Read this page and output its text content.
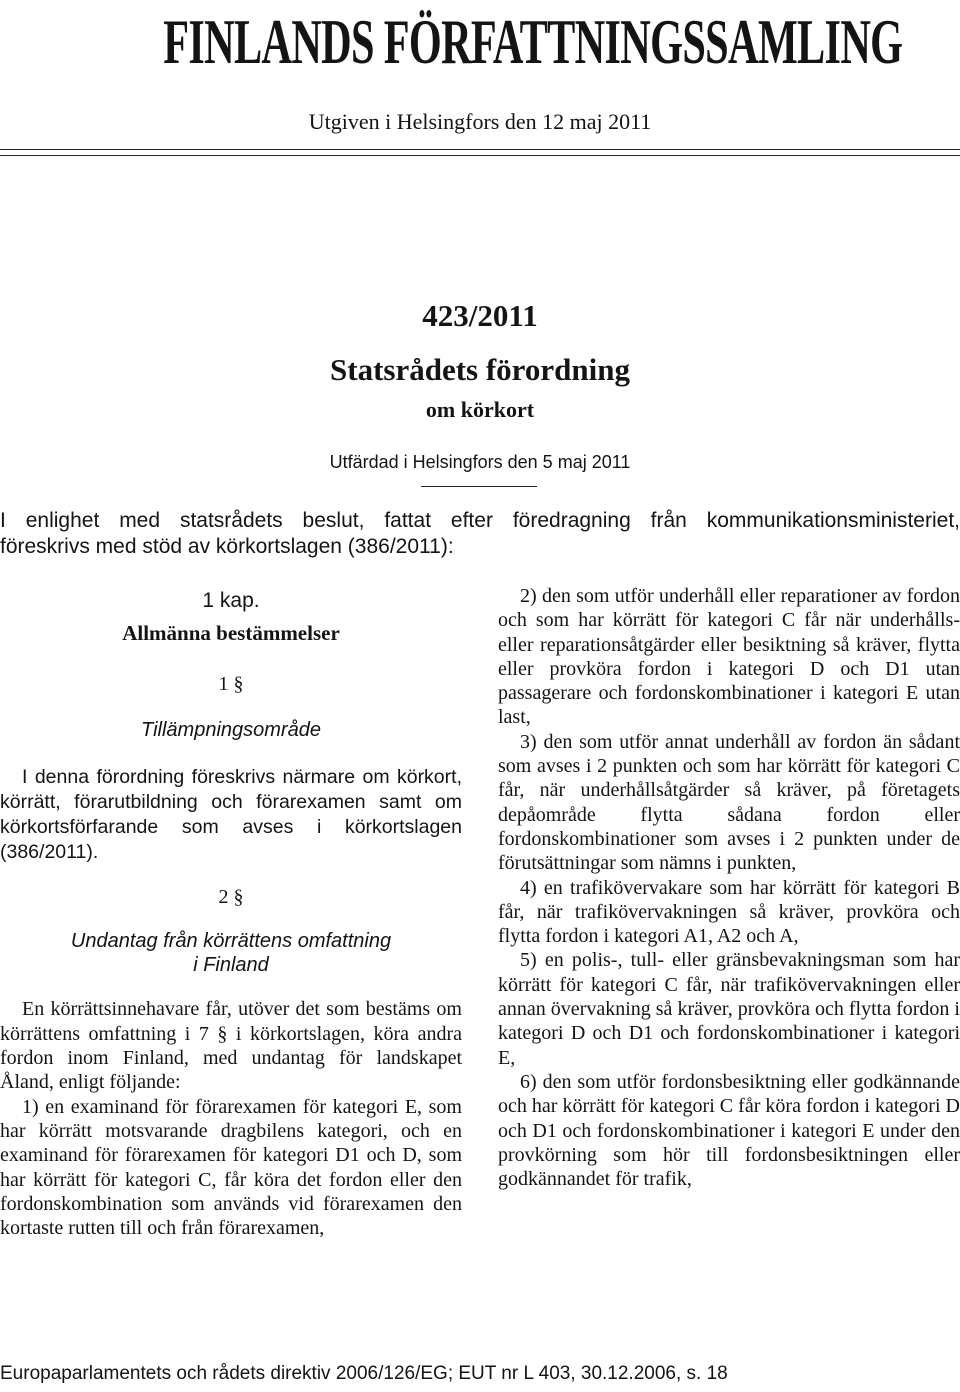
FINLANDS FÖRFATTNINGSSAMLING
Utgiven i Helsingfors den 12 maj 2011
423/2011
Statsrådets förordning
om körkort
Utfärdad i Helsingfors den 5 maj 2011
I enlighet med statsrådets beslut, fattat efter föredragning från kommunikationsministeriet,
föreskrivs med stöd av körkortslagen (386/2011):
1 kap.
Allmänna bestämmelser
1 §
Tillämpningsområde

I denna förordning föreskrivs närmare om körkort, körrätt, förarutbildning och förarexamen samt om körkortsförfarande som avses i körkortslagen (386/2011).

2 §
Undantag från körrättens omfattning
i Finland

En körrättsinnehavare får, utöver det som bestäms om körrättens omfattning i 7 § i körkortslagen, köra andra fordon inom Finland, med undantag för landskapet Åland, enligt följande:

1) en examinand för förarexamen för kategori E, som har körrätt motsvarande dragbilens kategori, och en examinand för förarexamen för kategori D1 och D, som har körrätt för kategori C, får köra det fordon eller den fordonskombination som används vid förarexamen den kortaste rutten till och från förarexamen,

2) den som utför underhåll eller reparationer av fordon och som har körrätt för kategori C får när underhålls- eller reparationsåtgärder eller besiktning så kräver, flytta eller provköra fordon i kategori D och D1 utan passagerare och fordonskombinationer i kategori E utan last,

3) den som utför annat underhåll av fordon än sådant som avses i 2 punkten och som har körrätt för kategori C får, när underhållsåtgärder så kräver, på företagets depåområde flytta sådana fordon eller fordonskombinationer som avses i 2 punkten under de förutsättningar som nämns i punkten,

4) en trafikövervakare som har körrätt för kategori B får, när trafikövervakningen så kräver, provköra och flytta fordon i kategori A1, A2 och A,

5) en polis-, tull- eller gränsbevakningsman som har körrätt för kategori C får, när trafikövervakningen eller annan övervakning så kräver, provköra och flytta fordon i kategori D och D1 och fordonskombinationer i kategori E,

6) den som utför fordonsbesiktning eller godkännande och har körrätt för kategori C får köra fordon i kategori D och D1 och fordonskombinationer i kategori E under den provkörning som hör till fordonsbesiktningen eller godkännandet för trafik,

Europaparlamentets och rådets direktiv 2006/126/EG; EUT nr L 403, 30.12.2006, s. 18
